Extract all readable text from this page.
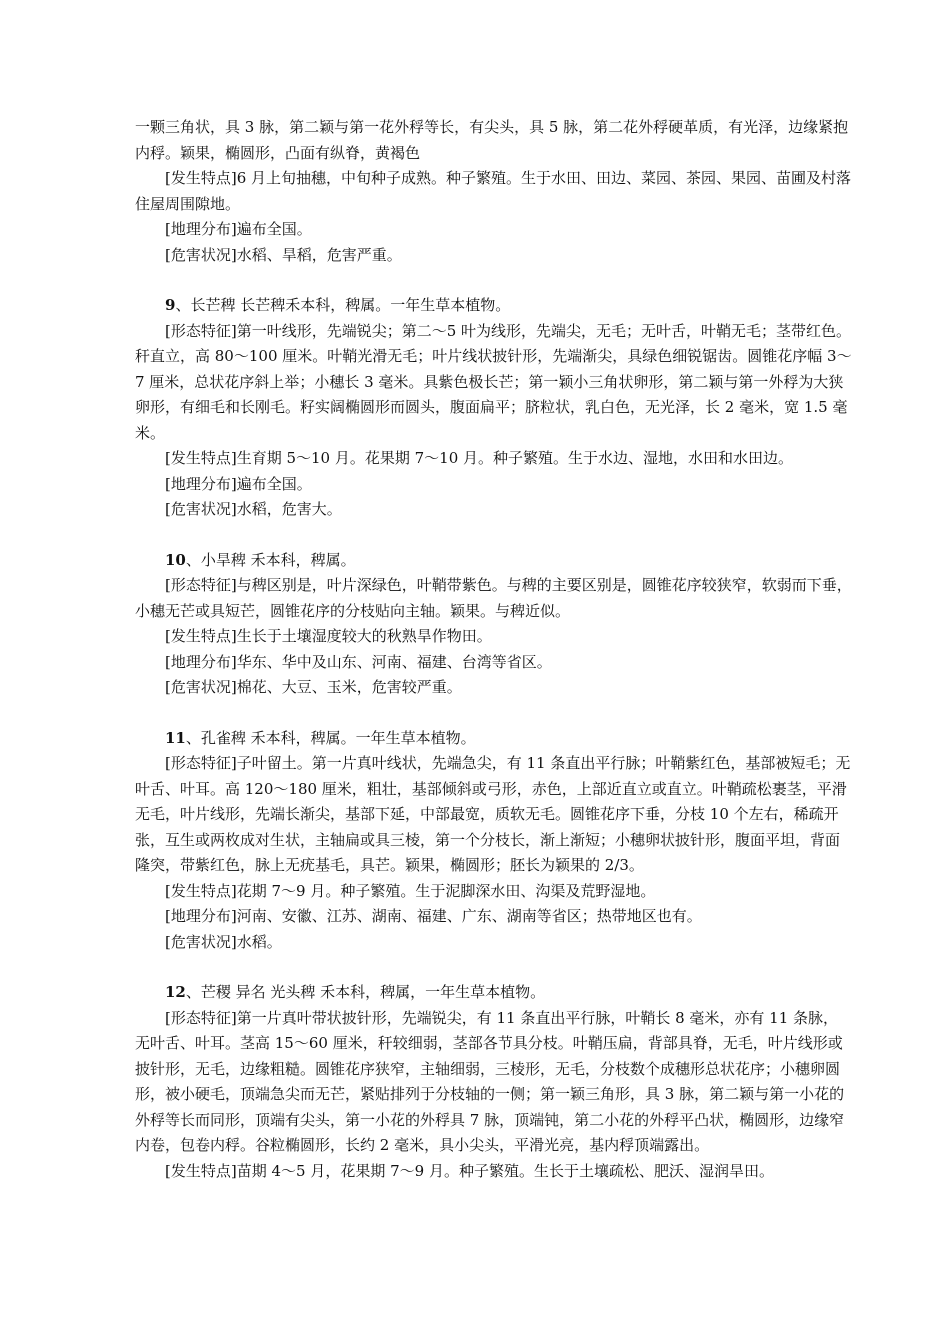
一颗三角状，具 3 脉，第二颖与第一花外稃等长，有尖头，具 5 脉，第二花外稃硬革质，有光泽，边缘紧抱内稃。颖果，椭圆形，凸面有纵脊，黄褐色

[发生特点]6 月上旬抽穗，中旬种子成熟。种子繁殖。生于水田、田边、菜园、茶园、果园、苗圃及村落住屋周围隙地。

[地理分布]遍布全国。

[危害状况]水稻、旱稻，危害严重。

9、长芒稗 长芒稗禾本科，稗属。一年生草本植物。

[形态特征]第一叶线形，先端锐尖；第二～5 叶为线形，先端尖，无毛；无叶舌，叶鞘无毛；茎带红色。秆直立，高 80～100 厘米。叶鞘光滑无毛；叶片线状披针形，先端渐尖，具绿色细锐锯齿。圆锥花序幅 3～7 厘米，总状花序斜上举；小穗长 3 毫米。具紫色极长芒；第一颖小三角状卵形，第二颖与第一外稃为大狭卵形，有细毛和长刚毛。籽实阔椭圆形而圆头，腹面扁平；脐粒状，乳白色，无光泽，长 2 毫米，宽 1.5 毫米。

[发生特点]生育期 5～10 月。花果期 7～10 月。种子繁殖。生于水边、湿地，水田和水田边。

[地理分布]遍布全国。

[危害状况]水稻，危害大。

10、小旱稗 禾本科，稗属。

[形态特征]与稗区别是，叶片深绿色，叶鞘带紫色。与稗的主要区别是，圆锥花序较狭窄，软弱而下垂，小穗无芒或具短芒，圆锥花序的分枝贴向主轴。颖果。与稗近似。

[发生特点]生长于土壤湿度较大的秋熟旱作物田。

[地理分布]华东、华中及山东、河南、福建、台湾等省区。

[危害状况]棉花、大豆、玉米，危害较严重。

11、孔雀稗 禾本科，稗属。一年生草本植物。

[形态特征]子叶留土。第一片真叶线状，先端急尖，有 11 条直出平行脉；叶鞘紫红色，基部被短毛；无叶舌、叶耳。高 120～180 厘米，粗壮，基部倾斜或弓形，赤色，上部近直立或直立。叶鞘疏松裹茎，平滑无毛，叶片线形，先端长渐尖，基部下延，中部最宽，质软无毛。圆锥花序下垂，分枝 10 个左右，稀疏开张，互生或两枚成对生状，主轴扁或具三棱，第一个分枝长，渐上渐短；小穗卵状披针形，腹面平坦，背面隆突，带紫红色，脉上无疣基毛，具芒。颖果，椭圆形；胚长为颖果的 2/3。

[发生特点]花期 7～9 月。种子繁殖。生于泥脚深水田、沟渠及荒野湿地。

[地理分布]河南、安徽、江苏、湖南、福建、广东、湖南等省区；热带地区也有。

[危害状况]水稻。

12、芒稷 异名 光头稗 禾本科，稗属，一年生草本植物。

[形态特征]第一片真叶带状披针形，先端锐尖，有 11 条直出平行脉，叶鞘长 8 毫米，亦有 11 条脉，无叶舌、叶耳。茎高 15～60 厘米，秆较细弱，茎部各节具分枝。叶鞘压扁，背部具脊，无毛，叶片线形或披针形，无毛，边缘粗糙。圆锥花序狭窄，主轴细弱，三棱形，无毛，分枝数个成穗形总状花序；小穗卵圆形，被小硬毛，顶端急尖而无芒，紧贴排列于分枝轴的一侧；第一颖三角形，具 3 脉，第二颖与第一小花的外稃等长而同形，顶端有尖头，第一小花的外稃具 7 脉，顶端钝，第二小花的外稃平凸状，椭圆形，边缘窄内卷，包卷内稃。谷粒椭圆形，长约 2 毫米，具小尖头，平滑光亮，基内稃顶端露出。

[发生特点]苗期 4～5 月，花果期 7～9 月。种子繁殖。生长于土壤疏松、肥沃、湿润旱田。
